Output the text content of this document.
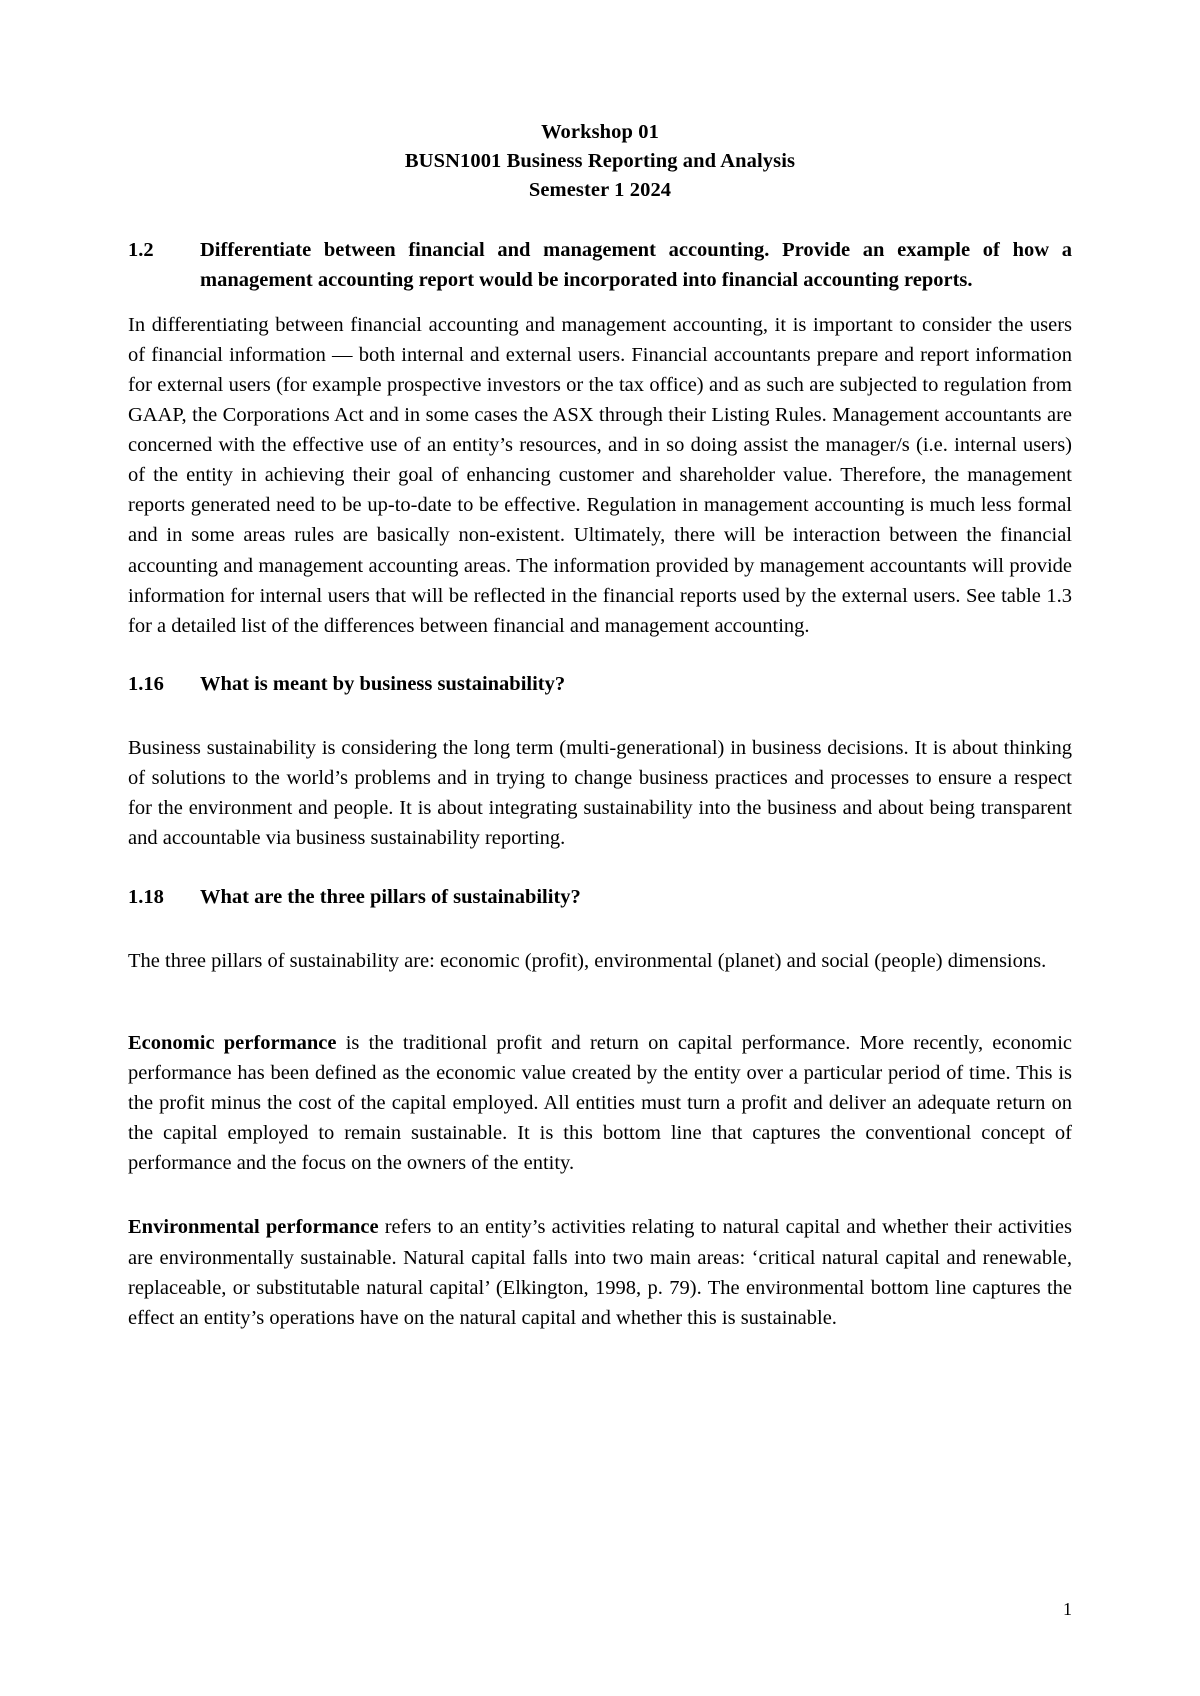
Workshop 01
BUSN1001 Business Reporting and Analysis
Semester 1 2024
1.2	Differentiate between financial and management accounting. Provide an example of how a management accounting report would be incorporated into financial accounting reports.

In differentiating between financial accounting and management accounting, it is important to consider the users of financial information — both internal and external users. Financial accountants prepare and report information for external users (for example prospective investors or the tax office) and as such are subjected to regulation from GAAP, the Corporations Act and in some cases the ASX through their Listing Rules. Management accountants are concerned with the effective use of an entity’s resources, and in so doing assist the manager/s (i.e. internal users) of the entity in achieving their goal of enhancing customer and shareholder value. Therefore, the management reports generated need to be up-to-date to be effective. Regulation in management accounting is much less formal and in some areas rules are basically non-existent. Ultimately, there will be interaction between the financial accounting and management accounting areas. The information provided by management accountants will provide information for internal users that will be reflected in the financial reports used by the external users. See table 1.3 for a detailed list of the differences between financial and management accounting.

1.16	What is meant by business sustainability?

Business sustainability is considering the long term (multi-generational) in business decisions. It is about thinking of solutions to the world’s problems and in trying to change business practices and processes to ensure a respect for the environment and people. It is about integrating sustainability into the business and about being transparent and accountable via business sustainability reporting.

1.18	What are the three pillars of sustainability?

The three pillars of sustainability are: economic (profit), environmental (planet) and social (people) dimensions.

Economic performance is the traditional profit and return on capital performance. More recently, economic performance has been defined as the economic value created by the entity over a particular period of time. This is the profit minus the cost of the capital employed. All entities must turn a profit and deliver an adequate return on the capital employed to remain sustainable. It is this bottom line that captures the conventional concept of performance and the focus on the owners of the entity.

Environmental performance refers to an entity’s activities relating to natural capital and whether their activities are environmentally sustainable. Natural capital falls into two main areas: ‘critical natural capital and renewable, replaceable, or substitutable natural capital’ (Elkington, 1998, p. 79). The environmental bottom line captures the effect an entity’s operations have on the natural capital and whether this is sustainable.

1
